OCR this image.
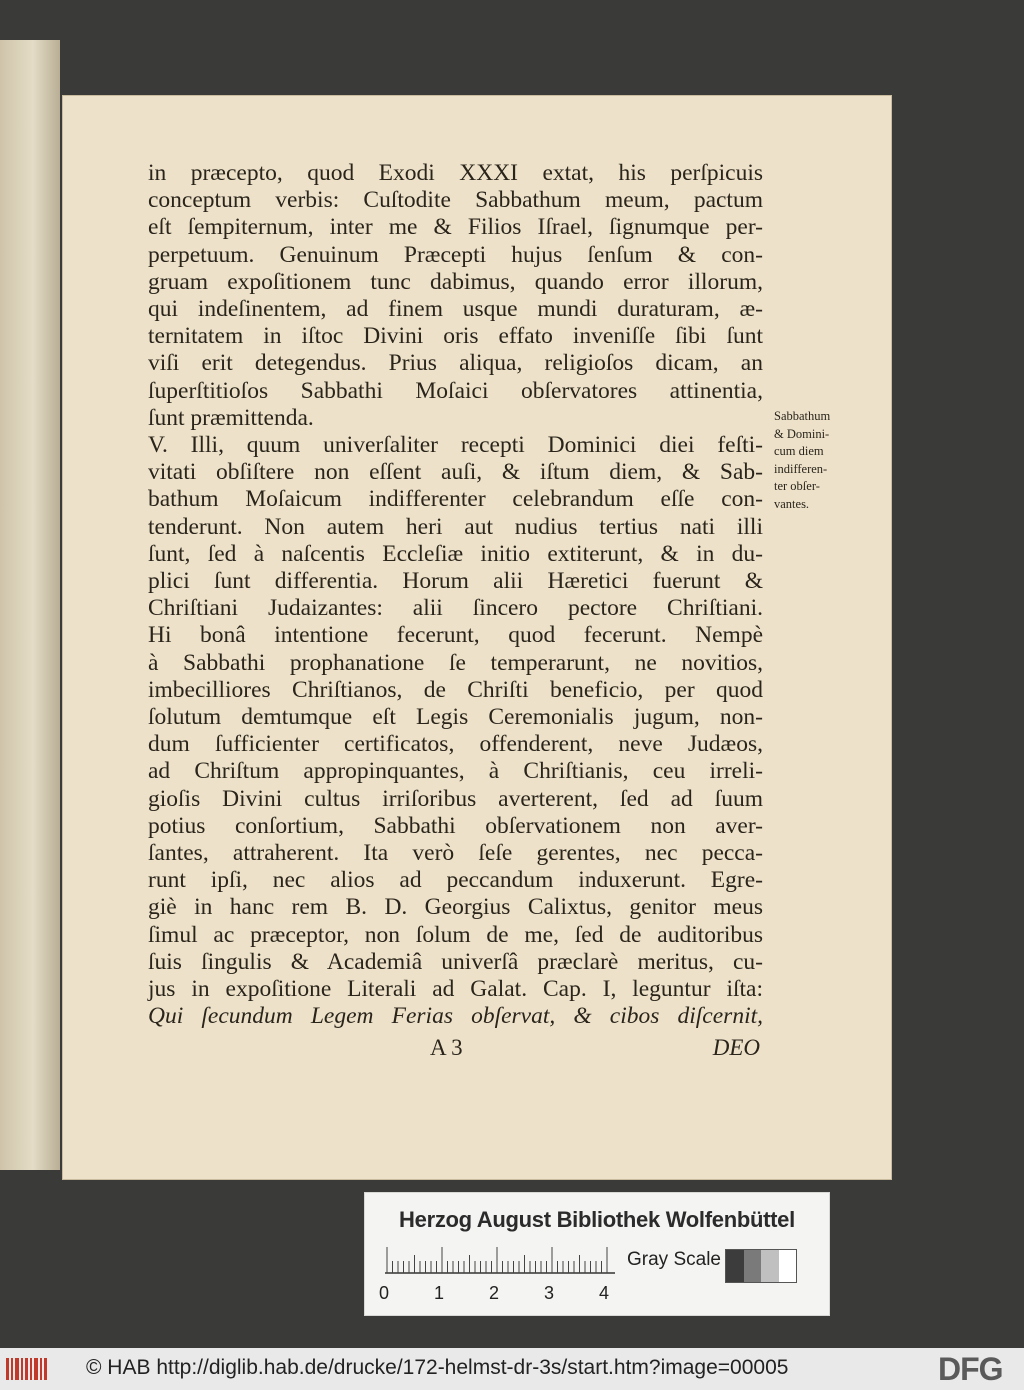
in præcepto, quod Exodi XXXI extat, his perſpicuis
conceptum verbis: Cuſtodite Sabbathum meum, pactum
eſt ſempiternum, inter me & Filios Iſrael, ſignumque per-
perpetuum. Genuinum Præcepti hujus ſenſum & con-
gruam expoſitionem tunc dabimus, quando error illorum,
qui indeſinentem, ad finem usque mundi duraturam, æ-
ternitatem in iſtoc Divini oris effato inveniſſe ſibi ſunt
viſi erit detegendus. Prius aliqua, religioſos dicam, an
ſuperſtitioſos Sabbathi Moſaici obſervatores attinentia,
ſunt præmittenda.
V. Illi, quum univerſaliter recepti Dominici diei feſti-
vitati obſiſtere non eſſent auſi, & iſtum diem, & Sab-
bathum Moſaicum indifferenter celebrandum eſſe con-
tenderunt. Non autem heri aut nudius tertius nati illi
ſunt, ſed à naſcentis Eccleſiæ initio extiterunt, & in du-
plici ſunt differentia. Horum alii Hæretici fuerunt &
Chriſtiani Judaizantes: alii ſincero pectore Chriſtiani.
Hi bonâ intentione fecerunt, quod fecerunt. Nempè
à Sabbathi prophanatione ſe temperarunt, ne novitios,
imbecilliores Chriſtianos, de Chriſti beneficio, per quod
ſolutum demtumque eſt Legis Ceremonialis jugum, non-
dum ſufficienter certificatos, offenderent, neve Judæos,
ad Chriſtum appropinquantes, à Chriſtianis, ceu irreli-
gioſis Divini cultus irriſoribus averterent, ſed ad ſuum
potius conſortium, Sabbathi obſervationem non aver-
ſantes, attraherent. Ita verò ſeſe gerentes, nec pecca-
runt ipſi, nec alios ad peccandum induxerunt. Egre-
giè in hanc rem B. D. Georgius Calixtus, genitor meus
ſimul ac præceptor, non ſolum de me, ſed de auditoribus
ſuis ſingulis & Academiâ univerſâ præclarè meritus, cu-
jus in expoſitione Literali ad Galat. Cap. I, leguntur iſta:
Qui ſecundum Legem Ferias obſervat, & cibos diſcernit,
A 3	DEO
Sabbathum
& Domini-
cum diem
indifferen-
ter obſer-
vantes.
Herzog August Bibliothek Wolfenbüttel
0 1 2 3 4
Gray Scale
© HAB http://diglib.hab.de/drucke/172-helmst-dr-3s/start.htm?image=00005	DFG
